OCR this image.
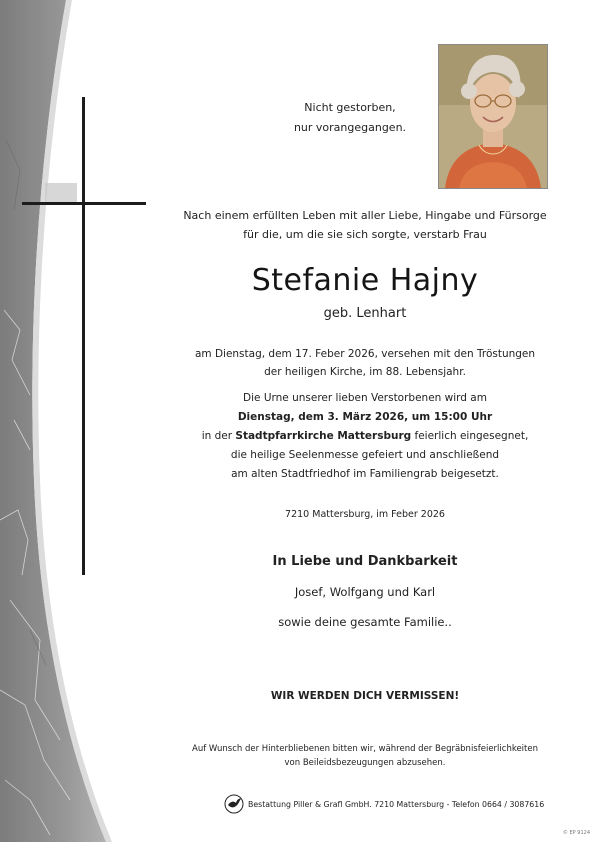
Nicht gestorben,
nur vorangegangen.
Nach einem erfüllten Leben mit aller Liebe, Hingabe und Fürsorge
für die, um die sie sich sorgte, verstarb Frau
Stefanie Hajny
geb. Lenhart
am Dienstag, dem 17. Feber 2026, versehen mit den Tröstungen
der heiligen Kirche, im 88. Lebensjahr.
Die Urne unserer lieben Verstorbenen wird am
Dienstag, dem 3. März 2026, um 15:00 Uhr
in der Stadtpfarrkirche Mattersburg feierlich eingesegnet,
die heilige Seelenmesse gefeiert und anschließend
am alten Stadtfriedhof im Familiengrab beigesetzt.
7210 Mattersburg, im Feber 2026
In Liebe und Dankbarkeit
Josef, Wolfgang und Karl
sowie deine gesamte Familie..
WIR WERDEN DICH VERMISSEN!
Auf Wunsch der Hinterbliebenen bitten wir, während der Begräbnisfeierlichkeiten
von Beileidsbezeugungen abzusehen.
Bestattung Piller & Grafl GmbH. 7210 Mattersburg - Telefon 0664 / 3087616
© EP 9124
